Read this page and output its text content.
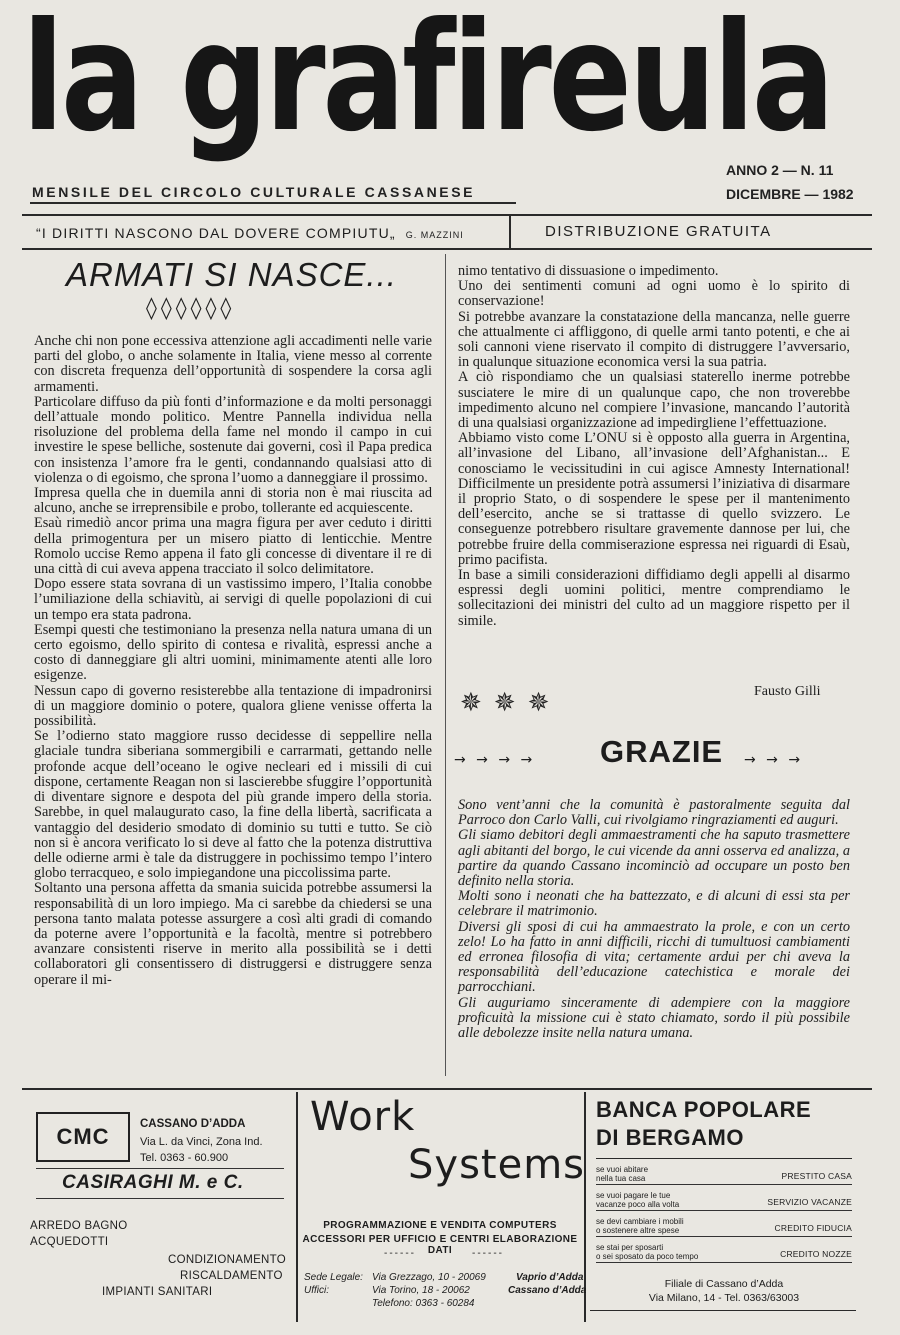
la grafireula
ANNO 2 — N. 11
DICEMBRE — 1982
MENSILE DEL CIRCOLO CULTURALE CASSANESE
“I DIRITTI NASCONO DAL DOVERE COMPIUTU„ G. MAZZINI	DISTRIBUZIONE GRATUITA
ARMATI SI NASCE...
◊◊◊◊◊◊

Anche chi non pone eccessiva attenzione agli accadimenti nelle varie parti del globo, o anche solamente in Italia, viene messo al corrente con discreta frequenza dell’opportunità di sospendere la corsa agli armamenti.

Particolare diffuso da più fonti d’informazione e da molti personaggi dell’attuale mondo politico. Mentre Pannella individua nella risoluzione del problema della fame nel mondo il campo in cui investire le spese belliche, sostenute dai governi, così il Papa predica con insistenza l’amore fra le genti, condannando qualsiasi atto di violenza o di egoismo, che sprona l’uomo a danneggiare il prossimo.

Impresa quella che in duemila anni di storia non è mai riuscita ad alcuno, anche se irreprensibile e probo, tollerante ed acquiescente.

Esaù rimediò ancor prima una magra figura per aver ceduto i diritti della primogentura per un misero piatto di lenticchie. Mentre Romolo uccise Remo appena il fato gli concesse di diventare il re di una città di cui aveva appena tracciato il solco delimitatore.

Dopo essere stata sovrana di un vastissimo impero, l’Italia conobbe l’umiliazione della schiavitù, ai servigi di quelle popolazioni di cui un tempo era stata padrona.

Esempi questi che testimoniano la presenza nella natura umana di un certo egoismo, dello spirito di contesa e rivalità, espressi anche a costo di danneggiare gli altri uomini, minimamente atenti alle loro esigenze.

Nessun capo di governo resisterebbe alla tentazione di impadronirsi di un maggiore dominio o potere, qualora gliene venisse offerta la possibilità.

Se l’odierno stato maggiore russo decidesse di seppellire nella glaciale tundra siberiana sommergibili e carrarmati, gettando nelle profonde acque dell’oceano le ogive necleari ed i missili di cui dispone, certamente Reagan non si lascierebbe sfuggire l’opportunità di diventare signore e despota del più grande impero della storia. Sarebbe, in quel malaugurato caso, la fine della libertà, sacrificata a vantaggio del desiderio smodato di dominio su tutti e tutto. Se ciò non si è ancora verificato lo si deve al fatto che la potenza distruttiva delle odierne armi è tale da distruggere in pochissimo tempo l’intero globo terracqueo, e solo impiegandone una piccolissima parte.

Soltanto una persona affetta da smania suicida potrebbe assumersi la responsabilità di un loro impiego. Ma ci sarebbe da chiedersi se una persona tanto malata potesse assurgere a così alti gradi di comando da poterne avere l’opportunità e la facoltà, mentre si potrebbero avanzare consistenti riserve in merito alla possibilità se i detti collaboratori gli consentissero di distruggersi e distruggere senza operare il mi-

nimo tentativo di dissuasione o impedimento.

Uno dei sentimenti comuni ad ogni uomo è lo spirito di conservazione!

Si potrebbe avanzare la constatazione della mancanza, nelle guerre che attualmente ci affliggono, di quelle armi tanto potenti, e che ai soli cannoni viene riservato il compito di distruggere l’avversario, in qualunque situazione economica versi la sua patria.

A ciò rispondiamo che un qualsiasi staterello inerme potrebbe susciatere le mire di un qualunque capo, che non troverebbe impedimento alcuno nel compiere l’invasione, mancando l’autorità di una qualsiasi organizzazione ad impedirgliene l’effettuazione.

Abbiamo visto come L’ONU si è opposto alla guerra in Argentina, all’invasione del Libano, all’invasione dell’Afghanistan... E conosciamo le vecissitudini in cui agisce Amnesty International! Difficilmente un presidente potrà assumersi l’iniziativa di disarmare il proprio Stato, o di sospendere le spese per il mantenimento dell’esercito, anche se si trattasse di quello svizzero. Le conseguenze potrebbero risultare gravemente dannose per lui, che potrebbe fruire della commiserazione espressa nei riguardi di Esaù, primo pacifista.

In base a simili considerazioni diffidiamo degli appelli al disarmo espressi degli uomini politici, mentre comprendiamo le sollecitazioni dei ministri del culto ad un maggiore rispetto per il simile.

✵✵✵	Fausto Gilli
→ → → → GRAZIE → → →

Sono vent’anni che la comunità è pastoralmente seguita dal Parroco don Carlo Valli, cui rivolgiamo ringraziamenti ed auguri.

Gli siamo debitori degli ammaestramenti che ha saputo trasmettere agli abitanti del borgo, le cui vicende da anni osserva ed analizza, a partire da quando Cassano incominciò ad occupare un posto ben definito nella storia.

Molti sono i neonati che ha battezzato, e di alcuni di essi sta per celebrare il matrimonio.

Diversi gli sposi di cui ha ammaestrato la prole, e con un certo zelo! Lo ha fatto in anni difficili, ricchi di tumultuosi cambiamenti ed erronea filosofia di vita; certamente ardui per chi aveva la responsabilità dell’educazione catechistica e morale dei parrocchiani.

Gli auguriamo sinceramente di adempiere con la maggiore proficuità la missione cui è stato chiamato, sordo il più possibile alle debolezze insite nella natura umana.

CMC	CASSANO D’ADDA
Via L. da Vinci, Zona Ind.
Tel. 0363 - 60.900
CASIRAGHI M. e C.
ARREDO BAGNO
ACQUEDOTTI
CONDIZIONAMENTO
RISCALDAMENTO
IMPIANTI SANITARI
Work
Systems
PROGRAMMAZIONE E VENDITA COMPUTERS
ACCESSORI PER UFFICIO E CENTRI ELABORAZIONE DATI
------	------
Sede Legale: Via Grezzago, 10 - 20069	Vaprio d’Adda
Uffici:	Via Torino, 18 - 20062	Cassano d’Adda
Telefono: 0363 - 60284
BANCA POPOLARE
DI BERGAMO
se vuoi abitare
nella tua casa	PRESTITO CASA
se vuoi pagare le tue
vacanze poco alla volta	SERVIZIO VACANZE
se devi cambiare i mobili
o sostenere altre spese	CREDITO FIDUCIA
se stai per sposarti
o sei sposato da poco tempo	CREDITO NOZZE
Filiale di Cassano d’Adda
Via Milano, 14 - Tel. 0363/63003
